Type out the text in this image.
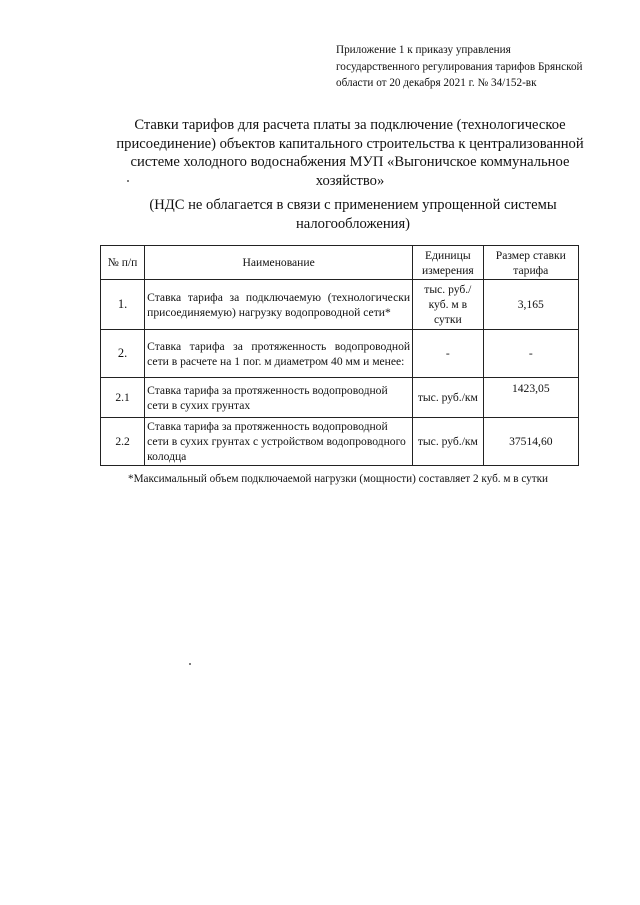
Приложение 1 к приказу управления
государственного регулирования тарифов Брянской
области от 20 декабря 2021 г. № 34/152-вк
Ставки тарифов для расчета платы за подключение (технологическое присоединение) объектов капитального строительства к централизованной системе холодного водоснабжения МУП «Выгоничское коммунальное хозяйство»
(НДС не облагается в связи с применением упрощенной системы налогообложения)
№ п/п	Наименование	Единицы измерения	Размер ставки тарифа
1.	Ставка тарифа за подключаемую (технологически присоединяемую) нагрузку водопроводной сети*	тыс. руб./куб. м в сутки	3,165
2.	Ставка тарифа за протяженность водопроводной сети в расчете на 1 пог. м диаметром 40 мм и менее:	-	-
2.1	Ставка тарифа за протяженность водопроводной сети в сухих грунтах	тыс. руб./км	1423,05
2.2	Ставка тарифа за протяженность водопроводной сети в сухих грунтах с устройством водопроводного колодца	тыс. руб./км	37514,60
*Максимальный объем подключаемой нагрузки (мощности) составляет 2 куб. м в сутки
